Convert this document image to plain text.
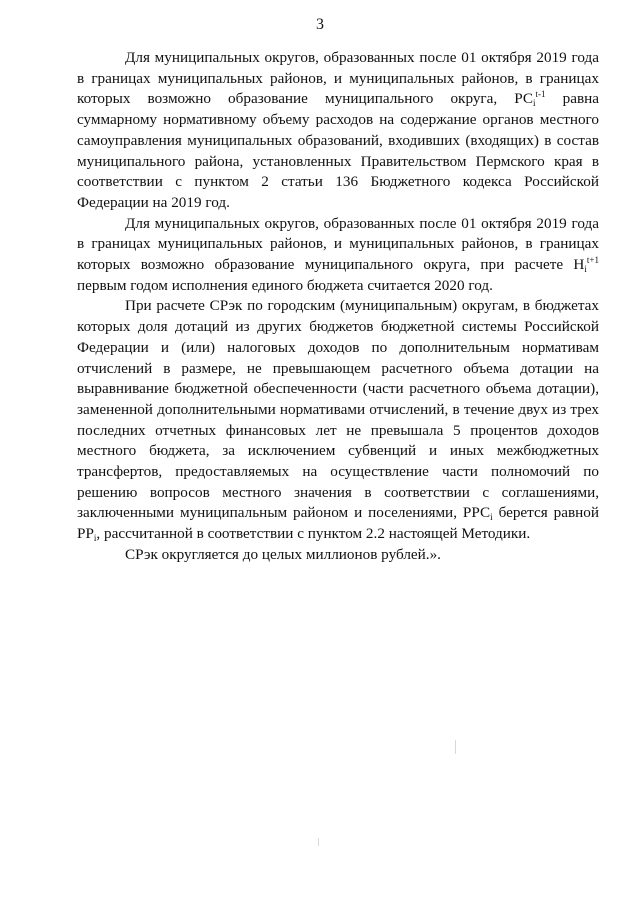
3

Для муниципальных округов, образованных после 01 октября 2019 года в границах муниципальных районов, и муниципальных районов, в границах которых возможно образование муниципального округа, $РС_i^{t-1}$ равна суммарному нормативному объему расходов на содержание органов местного самоуправления муниципальных образований, входивших (входящих) в состав муниципального района, установленных Правительством Пермского края в соответствии с пунктом 2 статьи 136 Бюджетного кодекса Российской Федерации на 2019 год.

Для муниципальных округов, образованных после 01 октября 2019 года в границах муниципальных районов, и муниципальных районов, в границах которых возможно образование муниципального округа, при расчете $Н_i^{t+1}$ первым годом исполнения единого бюджета считается 2020 год.

При расчете СРэк по городским (муниципальным) округам, в бюджетах которых доля дотаций из других бюджетов бюджетной системы Российской Федерации и (или) налоговых доходов по дополнительным нормативам отчислений в размере, не превышающем расчетного объема дотации на выравнивание бюджетной обеспеченности (части расчетного объема дотации), замененной дополнительными нормативами отчислений, в течение двух из трех последних отчетных финансовых лет не превышала 5 процентов доходов местного бюджета, за исключением субвенций и иных межбюджетных трансфертов, предоставляемых на осуществление части полномочий по решению вопросов местного значения в соответствии с соглашениями, заключенными муниципальным районом и поселениями, $РРС_i$ берется равной $РР_i$, рассчитанной в соответствии с пунктом 2.2 настоящей Методики.

СРэк округляется до целых миллионов рублей.».
